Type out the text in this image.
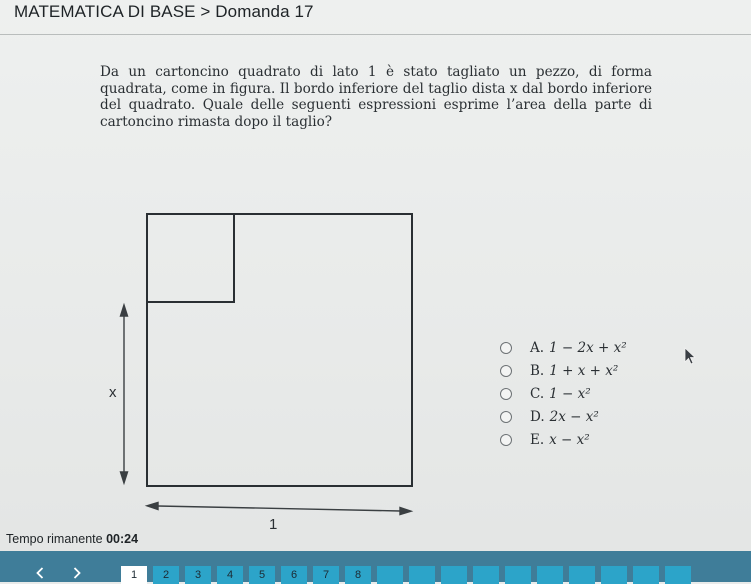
MATEMATICA DI BASE > Domanda 17
Da un cartoncino quadrato di lato 1 è stato tagliato un pezzo, di forma quadrata, come in figura. Il bordo inferiore del taglio dista x dal bordo inferiore del quadrato. Quale delle seguenti espressioni esprime l’area della parte di cartoncino rimasta dopo il taglio?
x
1
A. 1 − 2x + x²
B. 1 + x + x²
C. 1 − x²
D. 2x − x²
E. x − x²
Tempo rimanente 00:24
1	2	3	4	5	6	7	8
